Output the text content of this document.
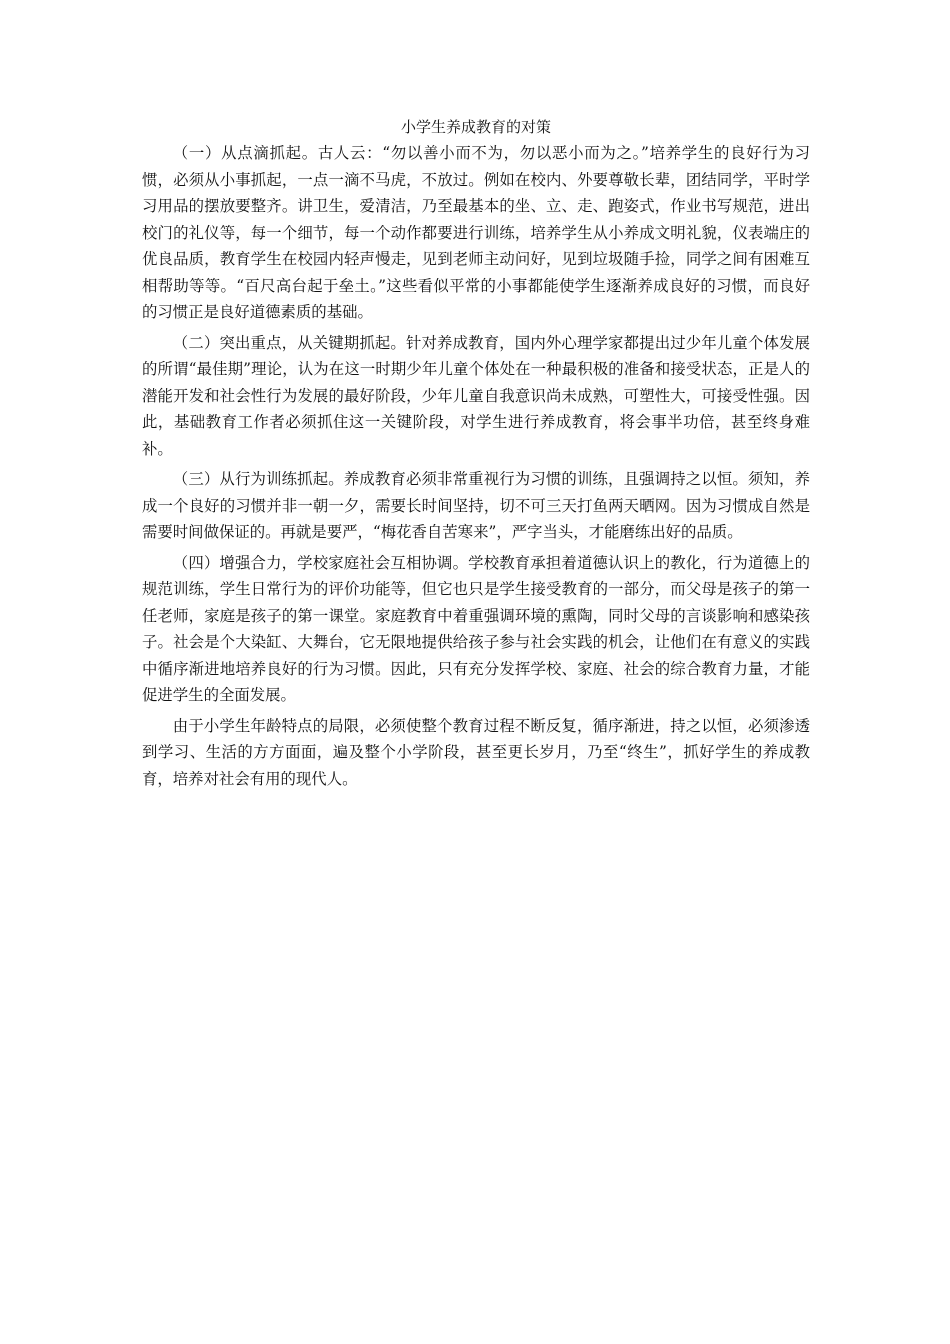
小学生养成教育的对策

（一）从点滴抓起。古人云：“勿以善小而不为，勿以恶小而为之。”培养学生的良好行为习惯，必须从小事抓起，一点一滴不马虎，不放过。例如在校内、外要尊敬长辈，团结同学，平时学习用品的摆放要整齐。讲卫生，爱清洁，乃至最基本的坐、立、走、跑姿式，作业书写规范，进出校门的礼仪等，每一个细节，每一个动作都要进行训练，培养学生从小养成文明礼貌，仪表端庄的优良品质，教育学生在校园内轻声慢走，见到老师主动问好，见到垃圾随手捡，同学之间有困难互相帮助等等。“百尺高台起于垒土。”这些看似平常的小事都能使学生逐渐养成良好的习惯，而良好的习惯正是良好道德素质的基础。

（二）突出重点，从关键期抓起。针对养成教育，国内外心理学家都提出过少年儿童个体发展的所谓“最佳期”理论，认为在这一时期少年儿童个体处在一种最积极的准备和接受状态，正是人的潜能开发和社会性行为发展的最好阶段，少年儿童自我意识尚未成熟，可塑性大，可接受性强。因此，基础教育工作者必须抓住这一关键阶段，对学生进行养成教育，将会事半功倍，甚至终身难补。

（三）从行为训练抓起。养成教育必须非常重视行为习惯的训练，且强调持之以恒。须知，养成一个良好的习惯并非一朝一夕，需要长时间坚持，切不可三天打鱼两天晒网。因为习惯成自然是需要时间做保证的。再就是要严，“梅花香自苦寒来”，严字当头，才能磨练出好的品质。

（四）增强合力，学校家庭社会互相协调。学校教育承担着道德认识上的教化，行为道德上的规范训练，学生日常行为的评价功能等，但它也只是学生接受教育的一部分，而父母是孩子的第一任老师，家庭是孩子的第一课堂。家庭教育中着重强调环境的熏陶，同时父母的言谈影响和感染孩子。社会是个大染缸、大舞台，它无限地提供给孩子参与社会实践的机会，让他们在有意义的实践中循序渐进地培养良好的行为习惯。因此，只有充分发挥学校、家庭、社会的综合教育力量，才能促进学生的全面发展。

由于小学生年龄特点的局限，必须使整个教育过程不断反复，循序渐进，持之以恒，必须渗透到学习、生活的方方面面，遍及整个小学阶段，甚至更长岁月，乃至“终生”，抓好学生的养成教育，培养对社会有用的现代人。
